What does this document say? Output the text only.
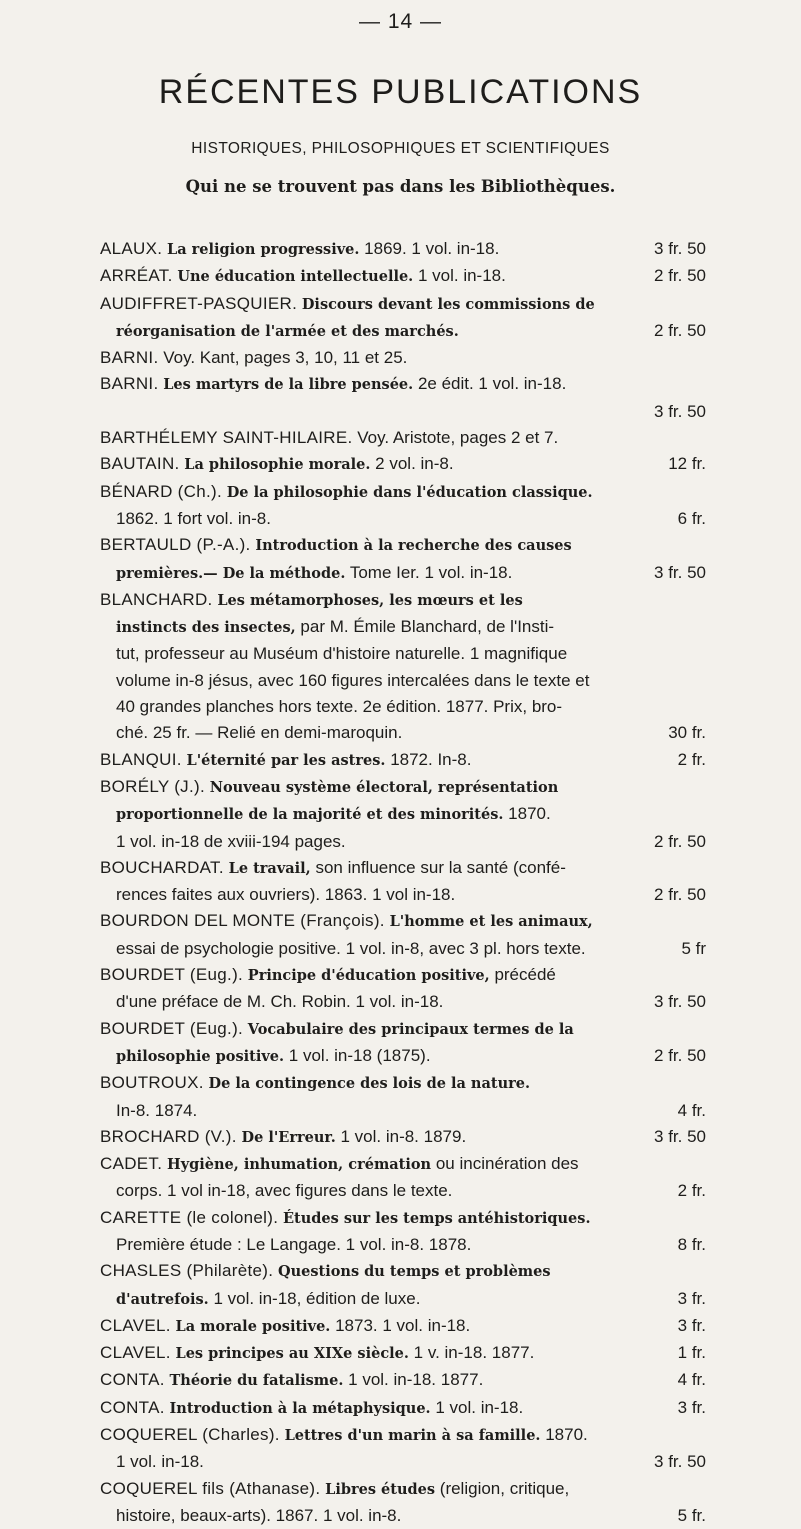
— 14 —
RÉCENTES PUBLICATIONS
HISTORIQUES, PHILOSOPHIQUES ET SCIENTIFIQUES
Qui ne se trouvent pas dans les Bibliothèques.
3 fr. 50
ALAUX. La religion progressive. 1869. 1 vol. in-18.
2 fr. 50
ARRÉAT. Une éducation intellectuelle. 1 vol. in-18.
AUDIFFRET-PASQUIER. Discours devant les commissions de
2 fr. 50
réorganisation de l'armée et des marchés.
BARNI. Voy. Kant, pages 3, 10, 11 et 25.
BARNI. Les martyrs de la libre pensée. 2e édit. 1 vol. in-18.
3 fr. 50

BARTHÉLEMY SAINT-HILAIRE. Voy. Aristote, pages 2 et 7.
12 fr.
BAUTAIN. La philosophie morale. 2 vol. in-8.
BÉNARD (Ch.). De la philosophie dans l'éducation classique.
6 fr.
1862. 1 fort vol. in-8.
BERTAULD (P.-A.). Introduction à la recherche des causes
3 fr. 50
premières.— De la méthode. Tome Ier. 1 vol. in-18.
BLANCHARD. Les métamorphoses, les mœurs et les
instincts des insectes, par M. Émile Blanchard, de l'Insti-
tut, professeur au Muséum d'histoire naturelle. 1 magnifique
volume in-8 jésus, avec 160 figures intercalées dans le texte et
40 grandes planches hors texte. 2e édition. 1877. Prix, bro-
30 fr.
ché. 25 fr. — Relié en demi-maroquin.
2 fr.
BLANQUI. L'éternité par les astres. 1872. In-8.
BORÉLY (J.). Nouveau système électoral, représentation
proportionnelle de la majorité et des minorités. 1870.
2 fr. 50
1 vol. in-18 de xviii-194 pages.
BOUCHARDAT. Le travail, son influence sur la santé (confé-
2 fr. 50
rences faites aux ouvriers). 1863. 1 vol in-18.
BOURDON DEL MONTE (François). L'homme et les animaux,
5 fr
essai de psychologie positive. 1 vol. in-8, avec 3 pl. hors texte.
BOURDET (Eug.). Principe d'éducation positive, précédé
3 fr. 50
d'une préface de M. Ch. Robin. 1 vol. in-18.
BOURDET (Eug.). Vocabulaire des principaux termes de la
2 fr. 50
philosophie positive. 1 vol. in-18 (1875).
BOUTROUX. De la contingence des lois de la nature.
4 fr.
In-8. 1874.
3 fr. 50
BROCHARD (V.). De l'Erreur. 1 vol. in-8. 1879.
CADET. Hygiène, inhumation, crémation ou incinération des
2 fr.
corps. 1 vol in-18, avec figures dans le texte.
CARETTE (le colonel). Études sur les temps antéhistoriques.
8 fr.
Première étude : Le Langage. 1 vol. in-8. 1878.
CHASLES (Philarète). Questions du temps et problèmes
3 fr.
d'autrefois. 1 vol. in-18, édition de luxe.
3 fr.
CLAVEL. La morale positive. 1873. 1 vol. in-18.
1 fr.
CLAVEL. Les principes au XIXe siècle. 1 v. in-18. 1877.
4 fr.
CONTA. Théorie du fatalisme. 1 vol. in-18. 1877.
3 fr.
CONTA. Introduction à la métaphysique. 1 vol. in-18.
COQUEREL (Charles). Lettres d'un marin à sa famille. 1870.
3 fr. 50
1 vol. in-18.
COQUEREL fils (Athanase). Libres études (religion, critique,
5 fr.
histoire, beaux-arts). 1867. 1 vol. in-8.
